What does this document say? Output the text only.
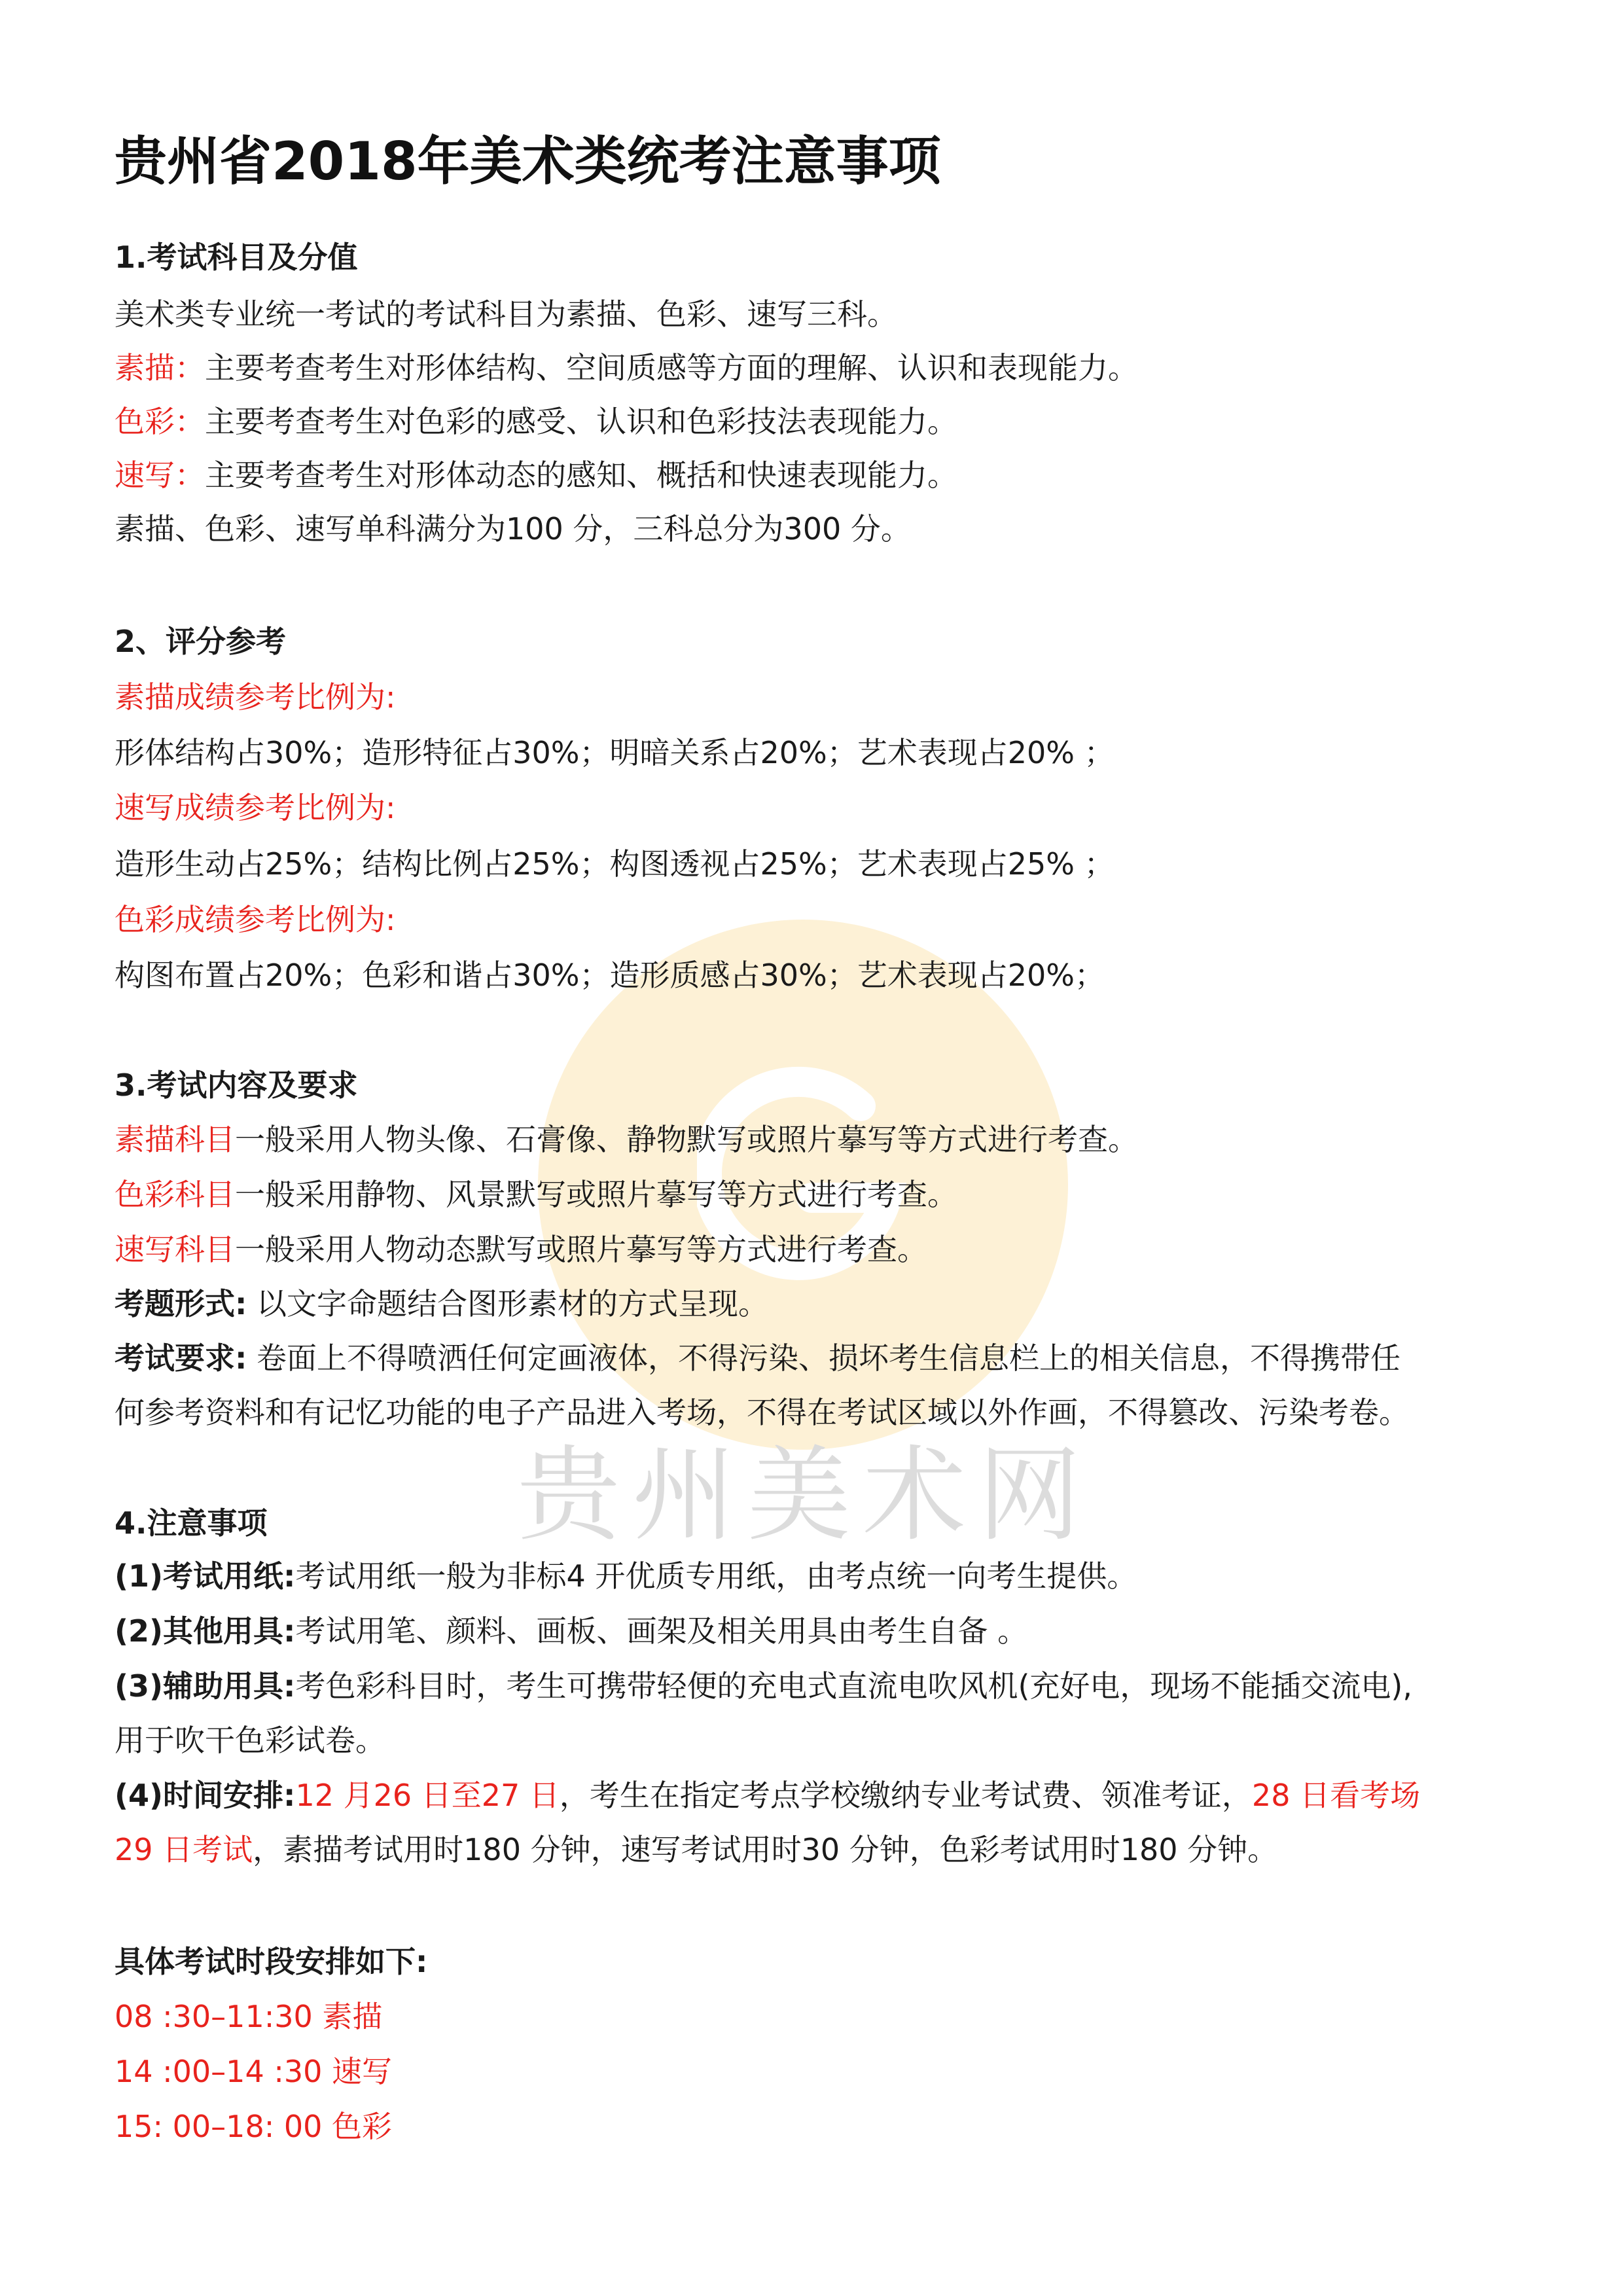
贵州美术网
贵州省2018年美术类统考注意事项
1.考试科目及分值
美术类专业统一考试的考试科目为素描、色彩、速写三科。
素描：主要考查考生对形体结构、空间质感等方面的理解、认识和表现能力。
色彩：主要考查考生对色彩的感受、认识和色彩技法表现能力。
速写：主要考查考生对形体动态的感知、概括和快速表现能力。
素描、色彩、速写单科满分为100 分，三科总分为300 分。
2、评分参考
素描成绩参考比例为:
形体结构占30%；造形特征占30%；明暗关系占20%；艺术表现占20% ；
速写成绩参考比例为:
造形生动占25%；结构比例占25%；构图透视占25%；艺术表现占25% ；
色彩成绩参考比例为:
构图布置占20%；色彩和谐占30%；造形质感占30%；艺术表现占20%；
3.考试内容及要求
素描科目一般采用人物头像、石膏像、静物默写或照片摹写等方式进行考查。
色彩科目一般采用静物、风景默写或照片摹写等方式进行考查。
速写科目一般采用人物动态默写或照片摹写等方式进行考查。
考题形式: 以文字命题结合图形素材的方式呈现。
考试要求: 卷面上不得喷洒任何定画液体，不得污染、损坏考生信息栏上的相关信息，不得携带任
何参考资料和有记忆功能的电子产品进入考场，不得在考试区域以外作画，不得篡改、污染考卷。
4.注意事项
(1)考试用纸:考试用纸一般为非标4 开优质专用纸，由考点统一向考生提供。
(2)其他用具:考试用笔、颜料、画板、画架及相关用具由考生自备 。
(3)辅助用具:考色彩科目时，考生可携带轻便的充电式直流电吹风机(充好电，现场不能插交流电),
用于吹干色彩试卷。
(4)时间安排:12 月26 日至27 日，考生在指定考点学校缴纳专业考试费、领准考证，28 日看考场
29 日考试，素描考试用时180 分钟，速写考试用时30 分钟，色彩考试用时180 分钟。
具体考试时段安排如下:
08 :30–11:30 素描
14 :00–14 :30 速写
15: 00–18: 00 色彩
